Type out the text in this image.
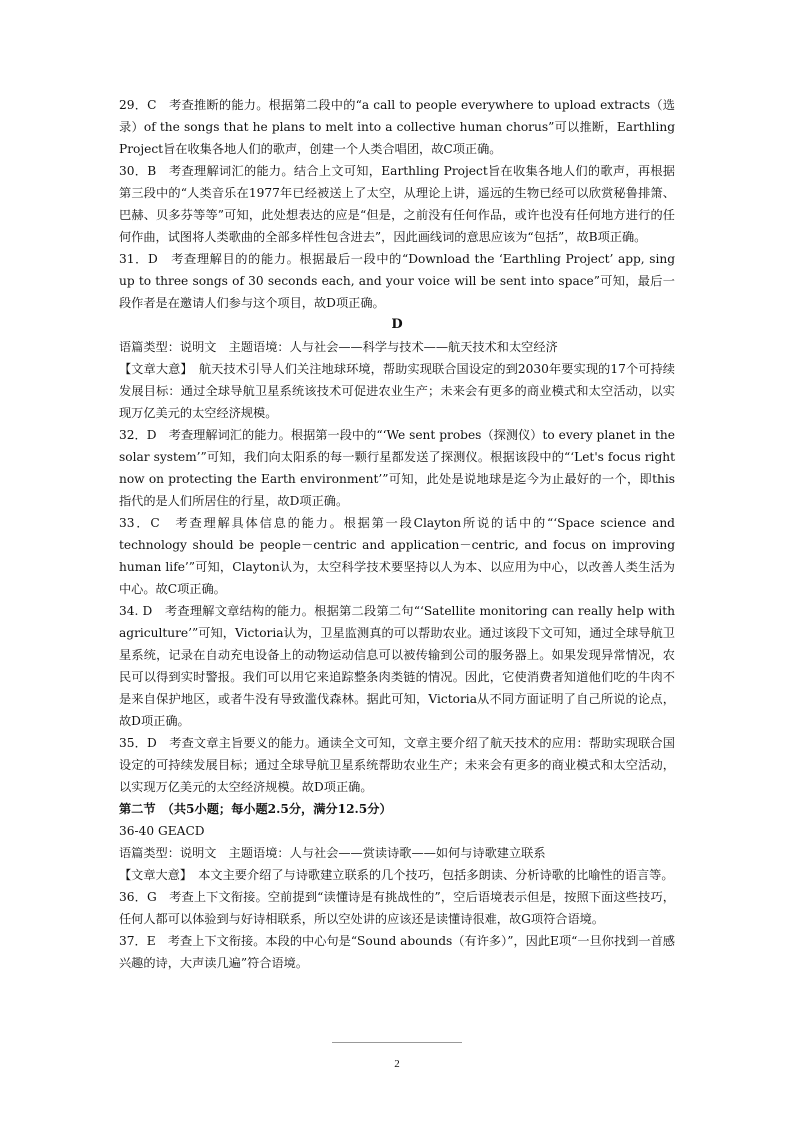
29．C　考查推断的能力。根据第二段中的“a call to people everywhere to upload extracts（选录）of the songs that he plans to melt into a collective human chorus”可以推断，Earthling Project旨在收集各地人们的歌声，创建一个人类合唱团，故C项正确。

30．B　考查理解词汇的能力。结合上文可知，Earthling Project旨在收集各地人们的歌声，再根据第三段中的“人类音乐在1977年已经被送上了太空，从理论上讲，遥远的生物已经可以欣赏秘鲁排箫、巴赫、贝多芬等等”可知，此处想表达的应是“但是，之前没有任何作品，或许也没有任何地方进行的任何作曲，试图将人类歌曲的全部多样性包含进去”，因此画线词的意思应该为“包括”，故B项正确。

31．D　考查理解目的的能力。根据最后一段中的“Download the ‘Earthling Project’ app, sing up to three songs of 30 seconds each, and your voice will be sent into space”可知，最后一段作者是在邀请人们参与这个项目，故D项正确。

D

语篇类型：说明文　主题语境：人与社会——科学与技术——航天技术和太空经济

【文章大意】　航天技术引导人们关注地球环境，帮助实现联合国设定的到2030年要实现的17个可持续发展目标：通过全球导航卫星系统该技术可促进农业生产；未来会有更多的商业模式和太空活动，以实现万亿美元的太空经济规模。

32．D　考查理解词汇的能力。根据第一段中的“‘We sent probes（探测仪）to every planet in the solar system’”可知，我们向太阳系的每一颗行星都发送了探测仪。根据该段中的“‘Let's focus right now on protecting the Earth environment’”可知，此处是说地球是迄今为止最好的一个，即this指代的是人们所居住的行星，故D项正确。

33．C　考查理解具体信息的能力。根据第一段Clayton所说的话中的“‘Space science and technology should be people－centric and application－centric, and focus on improving human life’”可知，Clayton认为，太空科学技术要坚持以人为本、以应用为中心，以改善人类生活为中心。故C项正确。

34. D　考查理解文章结构的能力。根据第二段第二句“‘Satellite monitoring can really help with agriculture’”可知，Victoria认为，卫星监测真的可以帮助农业。通过该段下文可知，通过全球导航卫星系统，记录在自动充电设备上的动物运动信息可以被传输到公司的服务器上。如果发现异常情况，农民可以得到实时警报。我们可以用它来追踪整条肉类链的情况。因此，它使消费者知道他们吃的牛肉不是来自保护地区，或者牛没有导致滥伐森林。据此可知，Victoria从不同方面证明了自己所说的论点，故D项正确。

35．D　考查文章主旨要义的能力。通读全文可知，文章主要介绍了航天技术的应用：帮助实现联合国设定的可持续发展目标；通过全球导航卫星系统帮助农业生产；未来会有更多的商业模式和太空活动，以实现万亿美元的太空经济规模。故D项正确。

第二节　（共5小题；每小题2.5分，满分12.5分）

36-40 GEACD

语篇类型：说明文　主题语境：人与社会——赏读诗歌——如何与诗歌建立联系

【文章大意】　本文主要介绍了与诗歌建立联系的几个技巧，包括多朗读、分析诗歌的比喻性的语言等。

36．G　考查上下文衔接。空前提到“读懂诗是有挑战性的”，空后语境表示但是，按照下面这些技巧，任何人都可以体验到与好诗相联系，所以空处讲的应该还是读懂诗很难，故G项符合语境。

37．E　考查上下文衔接。本段的中心句是“Sound abounds（有许多）”，因此E项“一旦你找到一首感兴趣的诗，大声读几遍”符合语境。

2
